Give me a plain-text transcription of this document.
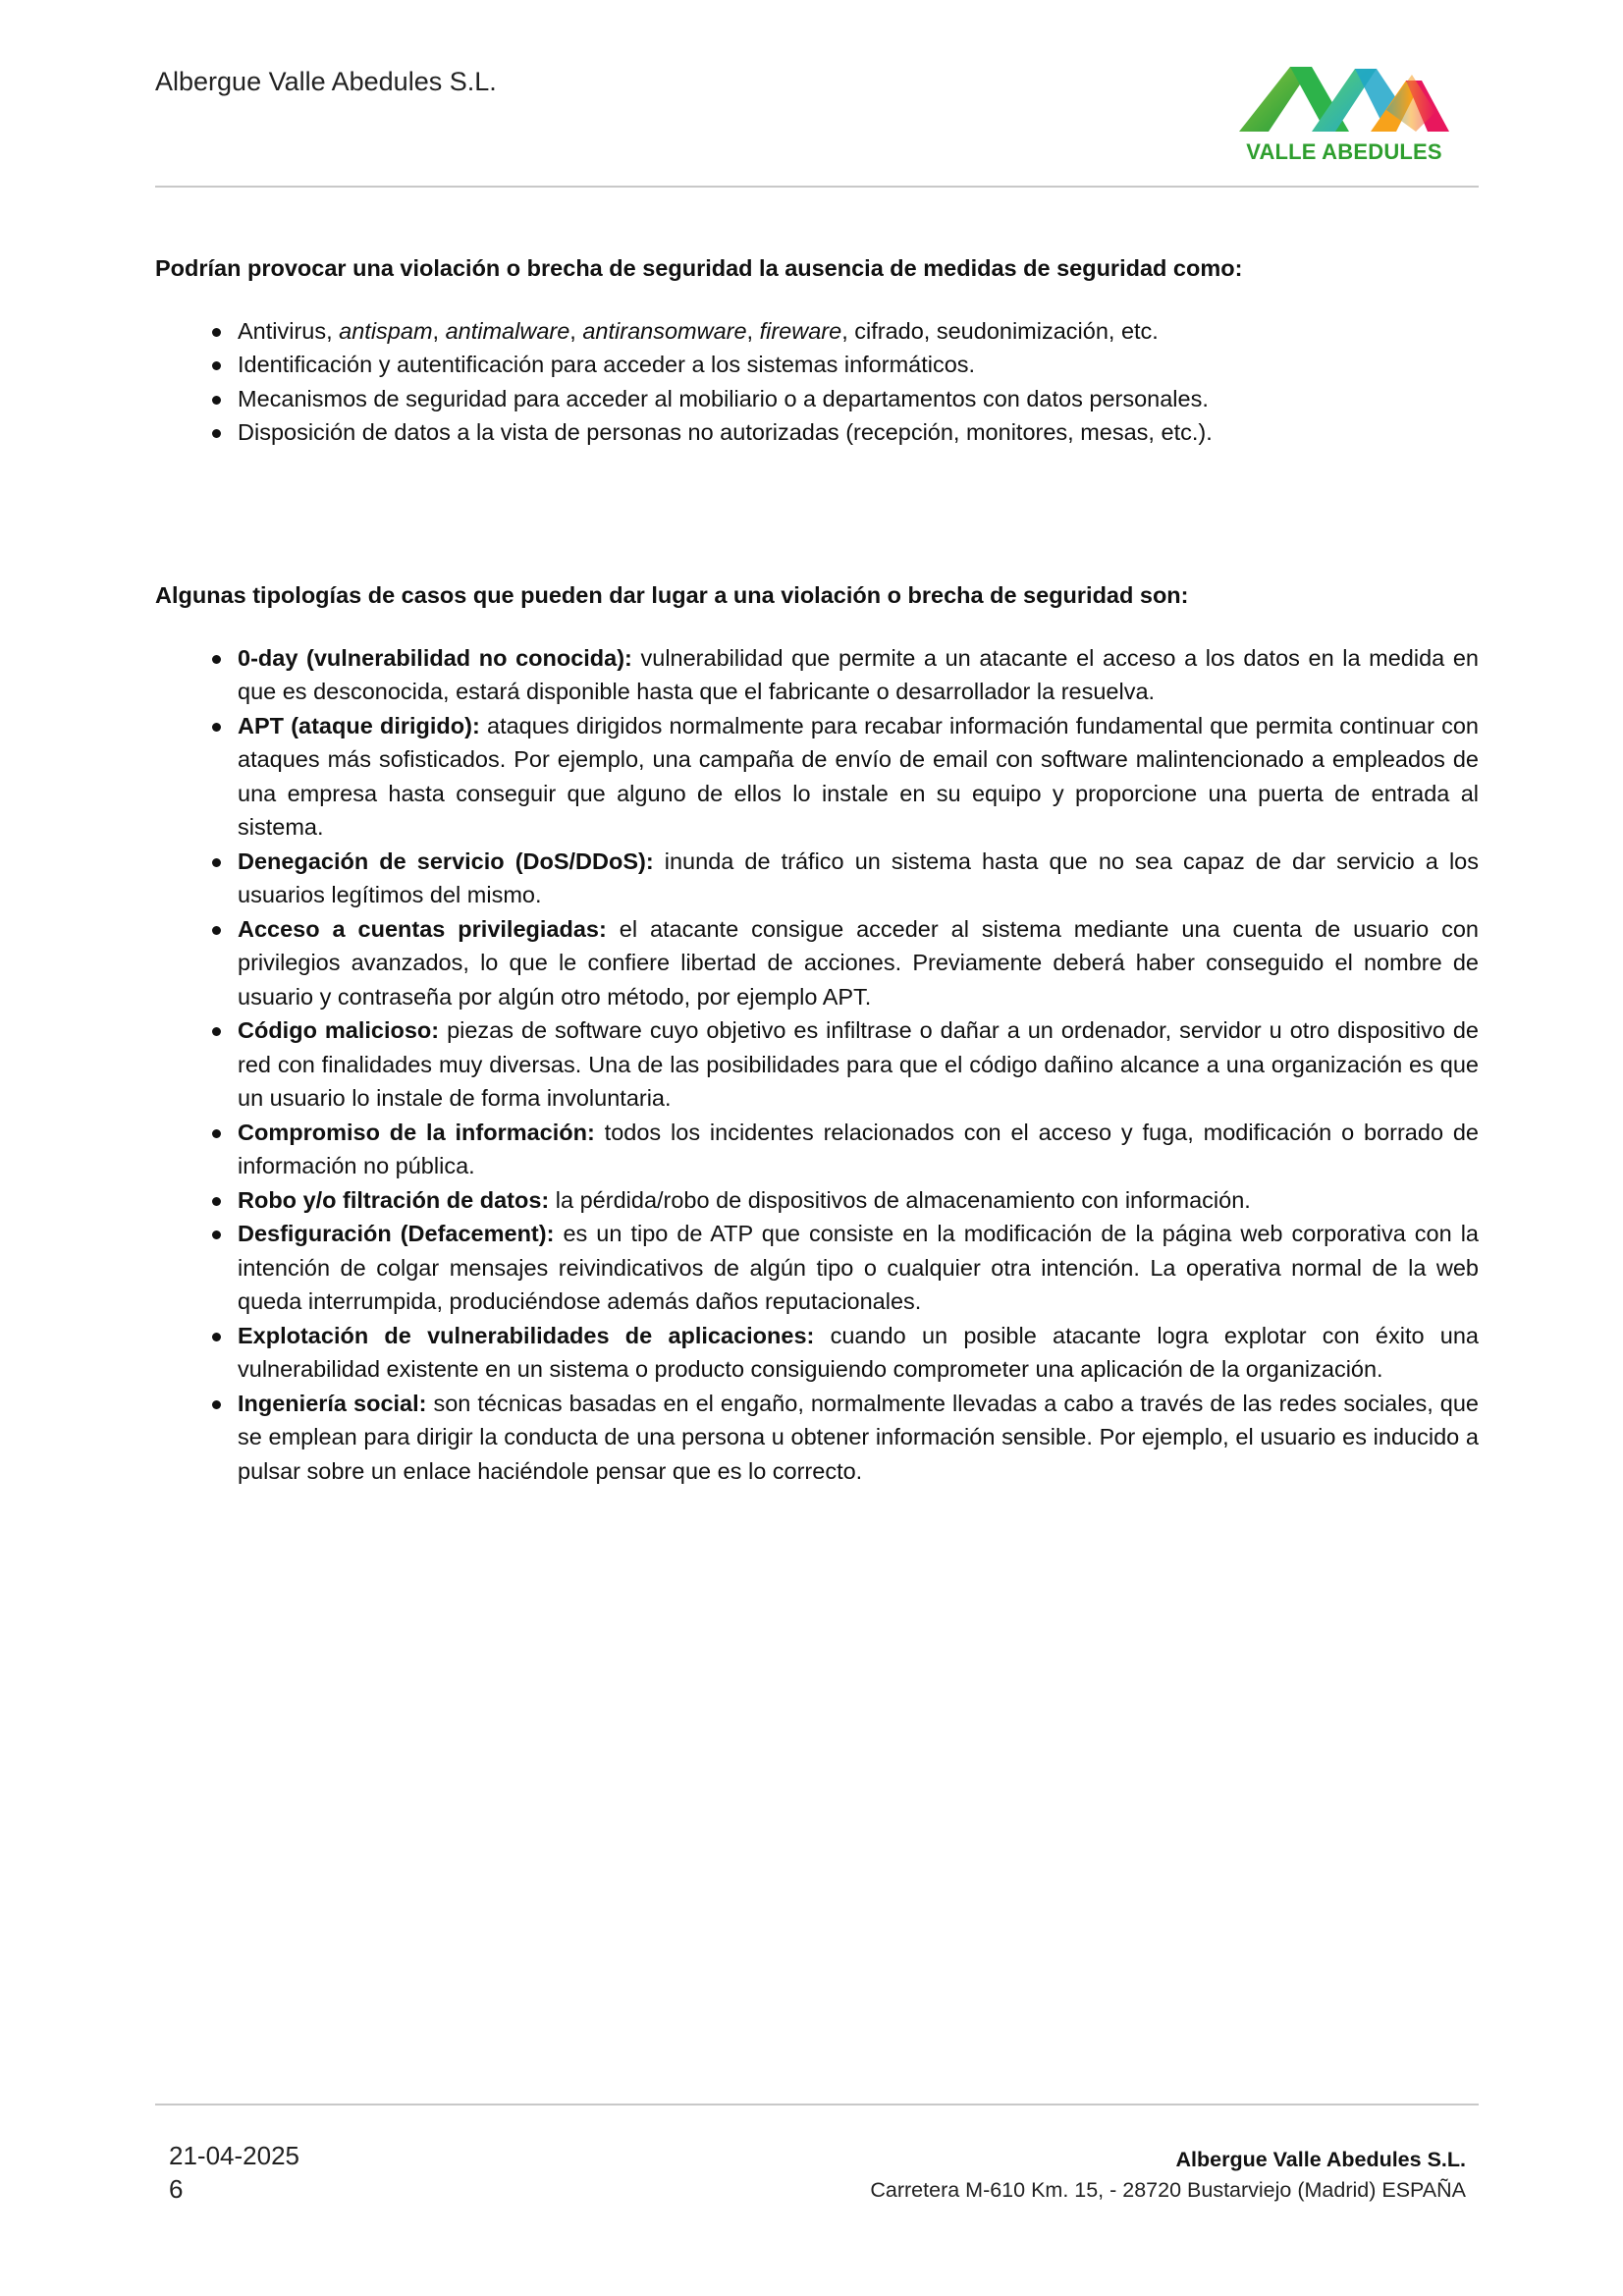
Albergue Valle Abedules S.L.
VALLE ABEDULES

Podrían provocar una violación o brecha de seguridad la ausencia de medidas de seguridad como:

Antivirus, antispam, antimalware, antiransomware, fireware, cifrado, seudonimización, etc.
Identificación y autentificación para acceder a los sistemas informáticos.
Mecanismos de seguridad para acceder al mobiliario o a departamentos con datos personales.
Disposición de datos a la vista de personas no autorizadas (recepción, monitores, mesas, etc.).

Algunas tipologías de casos que pueden dar lugar a una violación o brecha de seguridad son:

0-day (vulnerabilidad no conocida): vulnerabilidad que permite a un atacante el acceso a los datos en la medida en que es desconocida, estará disponible hasta que el fabricante o desarrollador la resuelva.
APT (ataque dirigido): ataques dirigidos normalmente para recabar información fundamental que permita continuar con ataques más sofisticados. Por ejemplo, una campaña de envío de email con software malintencionado a empleados de una empresa hasta conseguir que alguno de ellos lo instale en su equipo y proporcione una puerta de entrada al sistema.
Denegación de servicio (DoS/DDoS): inunda de tráfico un sistema hasta que no sea capaz de dar servicio a los usuarios legítimos del mismo.
Acceso a cuentas privilegiadas: el atacante consigue acceder al sistema mediante una cuenta de usuario con privilegios avanzados, lo que le confiere libertad de acciones. Previamente deberá haber conseguido el nombre de usuario y contraseña por algún otro método, por ejemplo APT.
Código malicioso: piezas de software cuyo objetivo es infiltrase o dañar a un ordenador, servidor u otro dispositivo de red con finalidades muy diversas. Una de las posibilidades para que el código dañino alcance a una organización es que un usuario lo instale de forma involuntaria.
Compromiso de la información: todos los incidentes relacionados con el acceso y fuga, modificación o borrado de información no pública.
Robo y/o filtración de datos: la pérdida/robo de dispositivos de almacenamiento con información.
Desfiguración (Defacement): es un tipo de ATP que consiste en la modificación de la página web corporativa con la intención de colgar mensajes reivindicativos de algún tipo o cualquier otra intención. La operativa normal de la web queda interrumpida, produciéndose además daños reputacionales.
Explotación de vulnerabilidades de aplicaciones: cuando un posible atacante logra explotar con éxito una vulnerabilidad existente en un sistema o producto consiguiendo comprometer una aplicación de la organización.
Ingeniería social: son técnicas basadas en el engaño, normalmente llevadas a cabo a través de las redes sociales, que se emplean para dirigir la conducta de una persona u obtener información sensible. Por ejemplo, el usuario es inducido a pulsar sobre un enlace haciéndole pensar que es lo correcto.
21-04-2025
6
Albergue Valle Abedules S.L.
Carretera M-610 Km. 15, - 28720 Bustarviejo (Madrid) ESPAÑA
